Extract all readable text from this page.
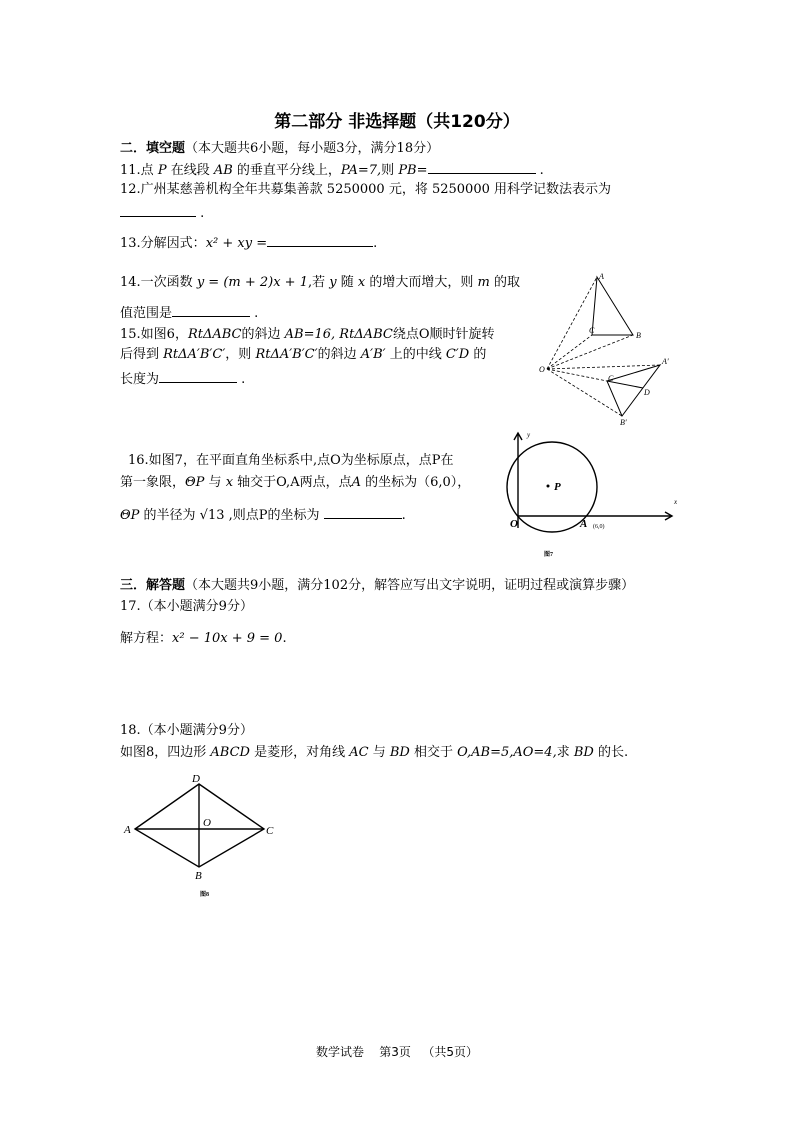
第二部分 非选择题（共120分）
二．填空题（本大题共6小题，每小题3分，满分18分）
11.点 P 在线段 AB 的垂直平分线上，PA=7,则 PB=	.
12.广州某慈善机构全年共募集善款 5250000 元，将 5250000 用科学记数法表示为
.
13.分解因式：x² + xy =	.
14.一次函数 y = (m + 2)x + 1,若 y 随 x 的增大而增大，则 m 的取
值范围是	.
15.如图6，RtΔABC的斜边 AB=16, RtΔABC绕点O顺时针旋转
后得到 RtΔA′B′C′，则 RtΔA′B′C′的斜边 A′B′ 上的中线 C′D 的
长度为	.
A
B
C
O
A′
B′
C
D
16.如图7，在平面直角坐标系中,点O为坐标原点，点P在
第一象限，ΘP 与 x 轴交于O,A两点，点A 的坐标为（6,0），
ΘP 的半径为 √13 ,则点P的坐标为	.
P
y
x
O	A (6,0)
图7
三．解答题（本大题共9小题，满分102分，解答应写出文字说明，证明过程或演算步骤）
17.（本小题满分9分）
解方程：x² − 10x + 9 = 0.
18.（本小题满分9分）
如图8，四边形 ABCD 是菱形，对角线 AC 与 BD 相交于 O,AB=5,AO=4,求 BD 的长.
D
A	C
B
O
图8
数学试卷 第3页 （共5页）
